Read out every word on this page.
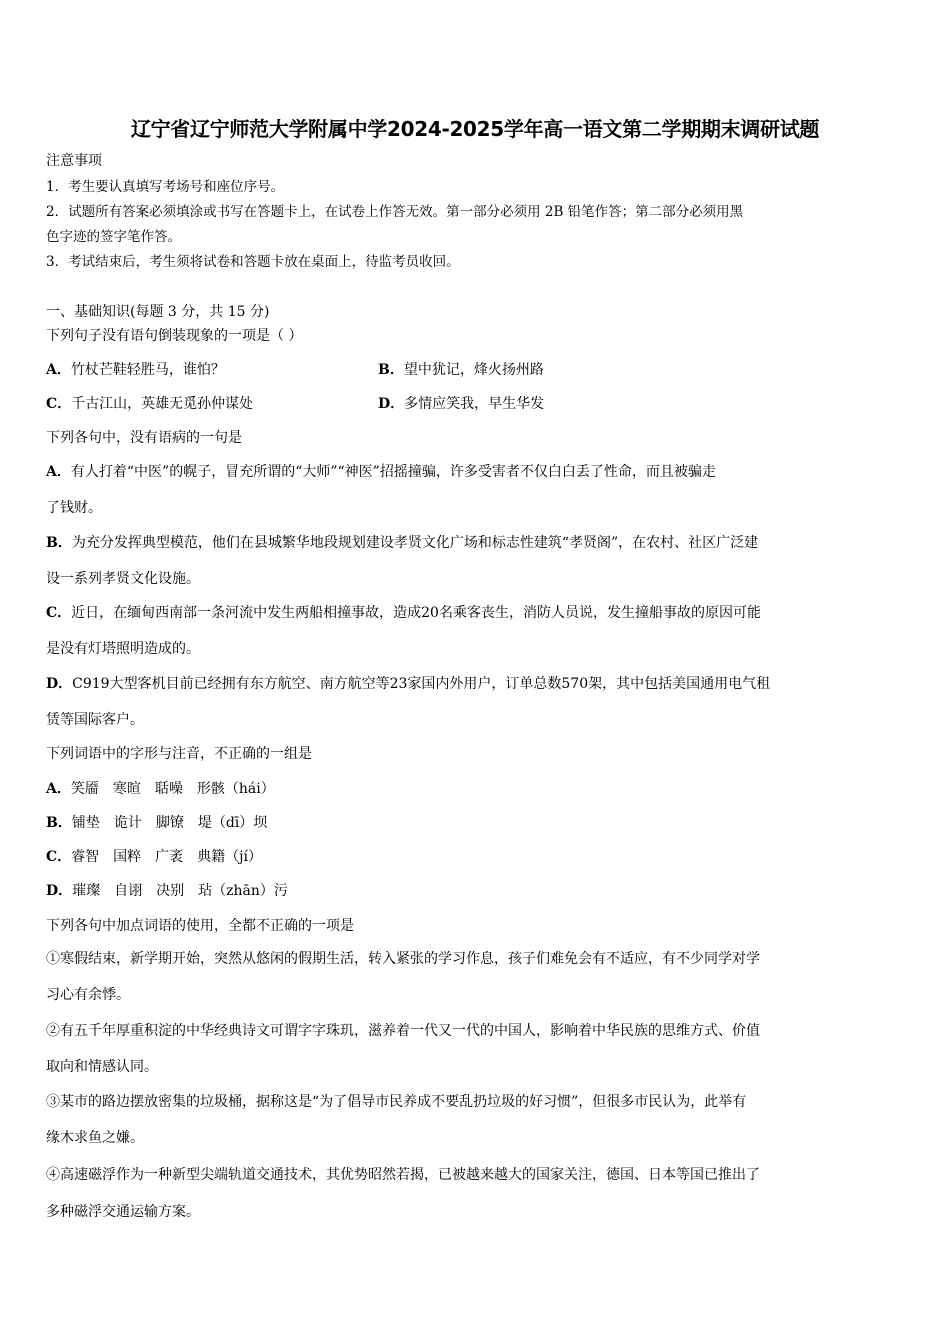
辽宁省辽宁师范大学附属中学2024-2025学年高一语文第二学期期末调研试题
注意事项
1．考生要认真填写考场号和座位序号。
2．试题所有答案必须填涂或书写在答题卡上，在试卷上作答无效。第一部分必须用 2B 铅笔作答；第二部分必须用黑
色字迹的签字笔作答。
3．考试结束后，考生须将试卷和答题卡放在桌面上，待监考员收回。
一、基础知识(每题 3 分，共 15 分)
下列句子没有语句倒装现象的一项是（ ）
A．竹杖芒鞋轻胜马，谁怕？	B．望中犹记，烽火扬州路
C．千古江山，英雄无觅孙仲谋处	D．多情应笑我，早生华发
下列各句中，没有语病的一句是
A．有人打着“中医”的幌子，冒充所谓的“大师”“神医”招摇撞骗，许多受害者不仅白白丢了性命，而且被骗走
了钱财。
B．为充分发挥典型模范，他们在县城繁华地段规划建设孝贤文化广场和标志性建筑“孝贤阁”，在农村、社区广泛建
设一系列孝贤文化设施。
C．近日，在缅甸西南部一条河流中发生两船相撞事故，造成20名乘客丧生，消防人员说，发生撞船事故的原因可能
是没有灯塔照明造成的。
D．C919大型客机目前已经拥有东方航空、南方航空等23家国内外用户，订单总数570架，其中包括美国通用电气租
赁等国际客户。
下列词语中的字形与注音，不正确的一组是
A．笑靥　寒暄　聒噪　形骸（hái）
B．铺垫　诡计　脚镣　堤（dī）坝
C．睿智　国粹　广袤　典籍（jí）
D．璀璨　自诩　决别　玷（zhān）污
下列各句中加点词语的使用，全都不正确的一项是
①寒假结束，新学期开始，突然从悠闲的假期生活，转入紧张的学习作息，孩子们难免会有不适应，有不少同学对学
习心有余悸。
②有五千年厚重积淀的中华经典诗文可谓字字珠玑，滋养着一代又一代的中国人，影响着中华民族的思维方式、价值
取向和情感认同。
③某市的路边摆放密集的垃圾桶，据称这是“为了倡导市民养成不要乱扔垃圾的好习惯”，但很多市民认为，此举有
缘木求鱼之嫌。
④高速磁浮作为一种新型尖端轨道交通技术，其优势昭然若揭，已被越来越大的国家关注，德国、日本等国已推出了
多种磁浮交通运输方案。
